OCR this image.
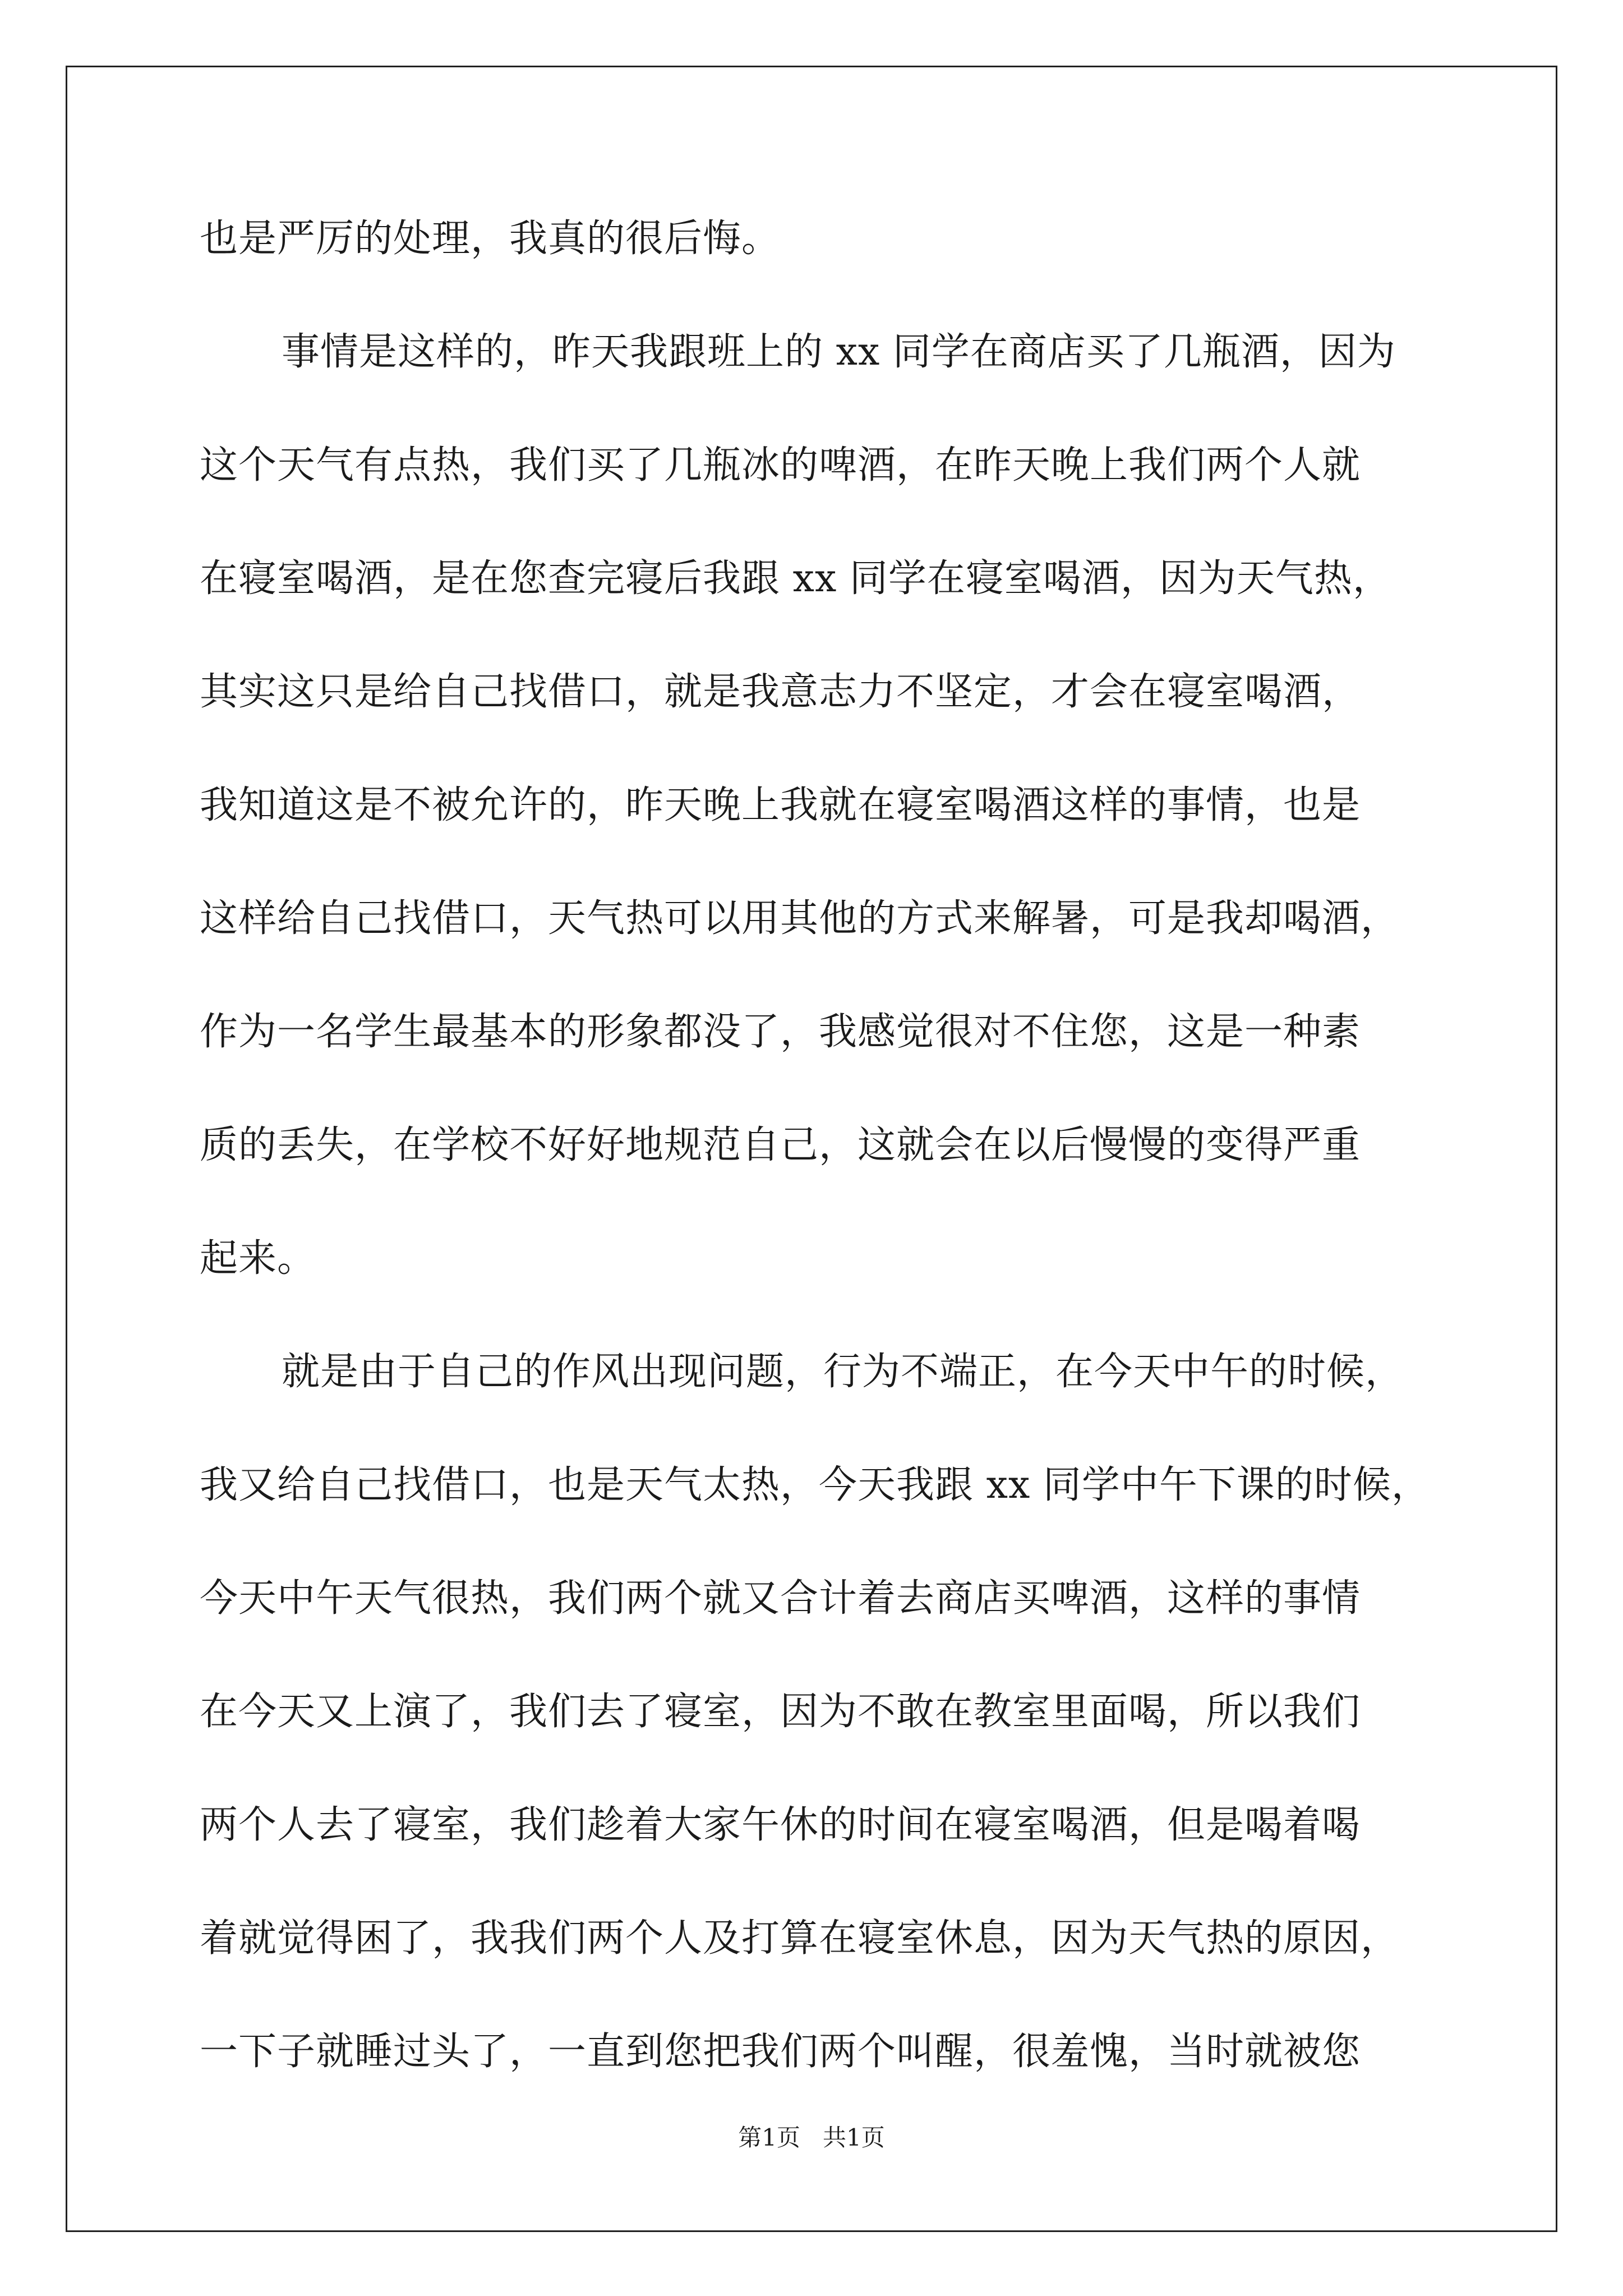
也是严厉的处理，我真的很后悔。
事情是这样的，昨天我跟班上的 xx 同学在商店买了几瓶酒，因为
这个天气有点热，我们买了几瓶冰的啤酒，在昨天晚上我们两个人就
在寝室喝酒，是在您查完寝后我跟 xx 同学在寝室喝酒，因为天气热，
其实这只是给自己找借口，就是我意志力不坚定，才会在寝室喝酒，
我知道这是不被允许的，昨天晚上我就在寝室喝酒这样的事情，也是
这样给自己找借口，天气热可以用其他的方式来解暑，可是我却喝酒，
作为一名学生最基本的形象都没了，我感觉很对不住您，这是一种素
质的丢失，在学校不好好地规范自己，这就会在以后慢慢的变得严重
起来。
就是由于自己的作风出现问题，行为不端正，在今天中午的时候，
我又给自己找借口，也是天气太热，今天我跟 xx 同学中午下课的时候，
今天中午天气很热，我们两个就又合计着去商店买啤酒，这样的事情
在今天又上演了，我们去了寝室，因为不敢在教室里面喝，所以我们
两个人去了寝室，我们趁着大家午休的时间在寝室喝酒，但是喝着喝
着就觉得困了，我我们两个人及打算在寝室休息，因为天气热的原因，
一下子就睡过头了，一直到您把我们两个叫醒，很羞愧，当时就被您
第1页   共1页
